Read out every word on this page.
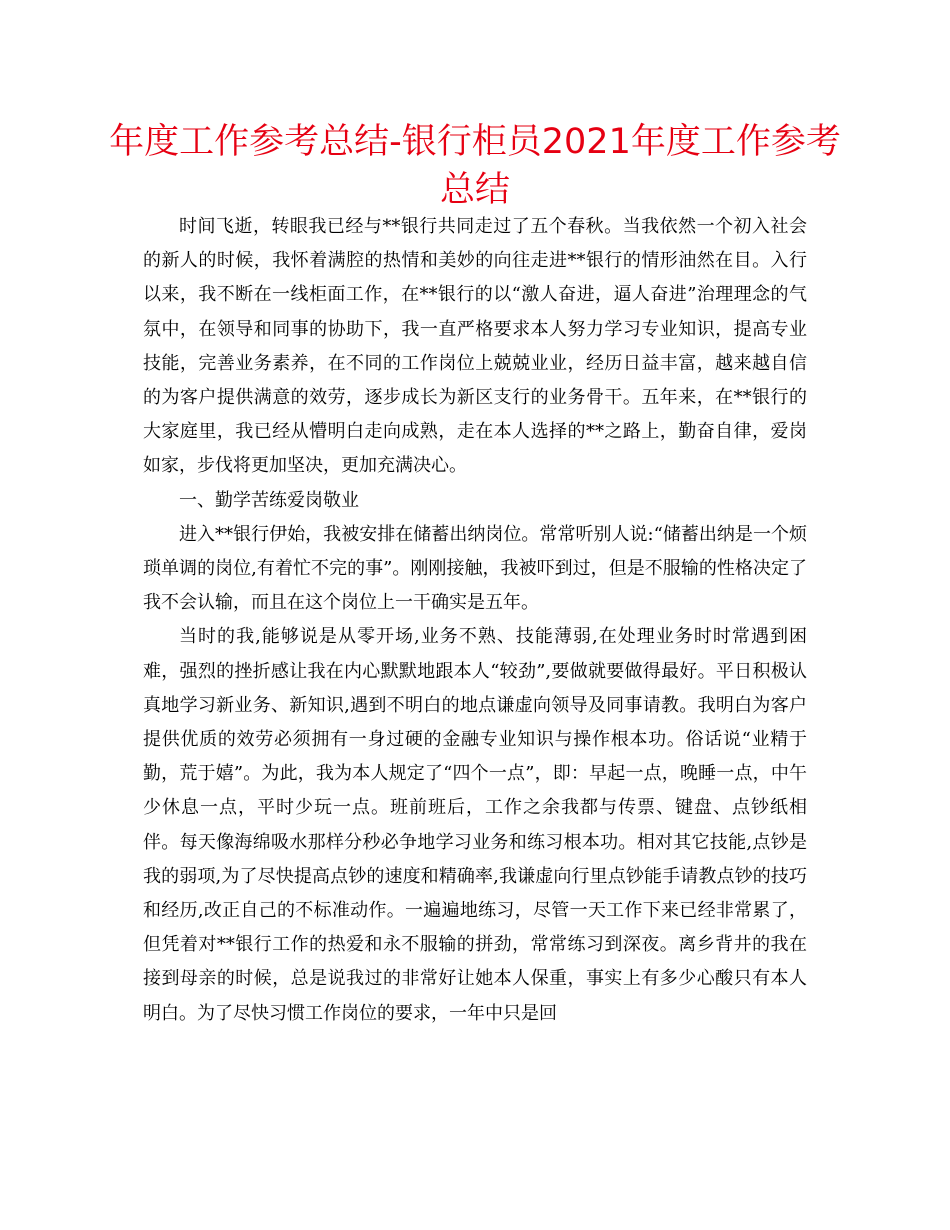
年度工作参考总结-银行柜员2021年度工作参考总结

时间飞逝，转眼我已经与**银行共同走过了五个春秋。当我依然一个初入社会的新人的时候，我怀着满腔的热情和美妙的向往走进**银行的情形油然在目。入行以来，我不断在一线柜面工作，在**银行的以“激人奋进，逼人奋进”治理理念的气氛中，在领导和同事的协助下，我一直严格要求本人努力学习专业知识，提高专业技能，完善业务素养，在不同的工作岗位上兢兢业业，经历日益丰富，越来越自信的为客户提供满意的效劳，逐步成长为新区支行的业务骨干。五年来，在**银行的大家庭里，我已经从懵明白走向成熟，走在本人选择的**之路上，勤奋自律，爱岗如家，步伐将更加坚决，更加充满决心。

一、勤学苦练爱岗敬业

进入**银行伊始，我被安排在储蓄出纳岗位。常常听别人说:“储蓄出纳是一个烦琐单调的岗位,有着忙不完的事”。刚刚接触，我被吓到过，但是不服输的性格决定了我不会认输，而且在这个岗位上一干确实是五年。

当时的我,能够说是从零开场,业务不熟、技能薄弱,在处理业务时时常遇到困难，强烈的挫折感让我在内心默默地跟本人“较劲”,要做就要做得最好。平日积极认真地学习新业务、新知识,遇到不明白的地点谦虚向领导及同事请教。我明白为客户提供优质的效劳必须拥有一身过硬的金融专业知识与操作根本功。俗话说“业精于勤，荒于嬉”。为此，我为本人规定了“四个一点”，即：早起一点，晚睡一点，中午少休息一点，平时少玩一点。班前班后，工作之余我都与传票、键盘、点钞纸相伴。每天像海绵吸水那样分秒必争地学习业务和练习根本功。相对其它技能,点钞是我的弱项,为了尽快提高点钞的速度和精确率,我谦虚向行里点钞能手请教点钞的技巧和经历,改正自己的不标准动作。一遍遍地练习，尽管一天工作下来已经非常累了，但凭着对**银行工作的热爱和永不服输的拼劲，常常练习到深夜。离乡背井的我在接到母亲的时候，总是说我过的非常好让她本人保重，事实上有多少心酸只有本人明白。为了尽快习惯工作岗位的要求，一年中只是回
